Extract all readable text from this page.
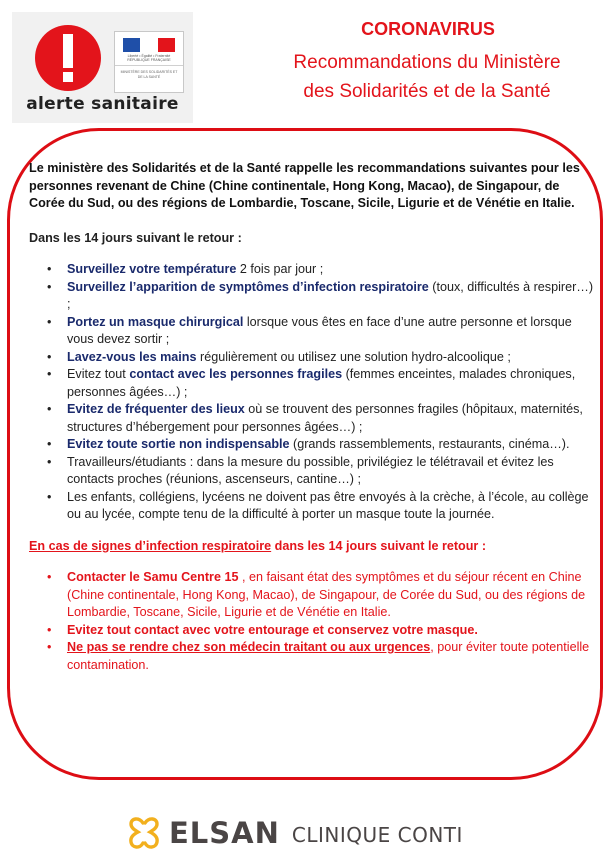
Liberté • Égalité • Fraternité RÉPUBLIQUE FRANÇAISE
MINISTÈRE DES SOLIDARITÉS ET DE LA SANTÉ
alerte sanitaire
CORONAVIRUS
Recommandations du Ministère
des Solidarités et de la Santé

Le ministère des Solidarités et de la Santé rappelle les recommandations suivantes pour les personnes revenant de Chine (Chine continentale, Hong Kong, Macao), de Singapour, de Corée du Sud, ou des régions de Lombardie, Toscane, Sicile, Ligurie et de Vénétie en Italie.

Dans les 14 jours suivant le retour :

• Surveillez votre température 2 fois par jour ;
• Surveillez l’apparition de symptômes d’infection respiratoire (toux, difficultés à respirer…) ;
• Portez un masque chirurgical lorsque vous êtes en face d’une autre personne et lorsque vous devez sortir ;
• Lavez-vous les mains régulièrement ou utilisez une solution hydro-alcoolique ;
• Evitez tout contact avec les personnes fragiles (femmes enceintes, malades chroniques, personnes âgées…) ;
• Evitez de fréquenter des lieux où se trouvent des personnes fragiles (hôpitaux, maternités, structures d’hébergement pour personnes âgées…) ;
• Evitez toute sortie non indispensable (grands rassemblements, restaurants, cinéma…).
• Travailleurs/étudiants : dans la mesure du possible, privilégiez le télétravail et évitez les contacts proches (réunions, ascenseurs, cantine…) ;
• Les enfants, collégiens, lycéens ne doivent pas être envoyés à la crèche, à l’école, au collège ou au lycée, compte tenu de la difficulté à porter un masque toute la journée.

En cas de signes d’infection respiratoire dans les 14 jours suivant le retour :

• Contacter le Samu Centre 15 , en faisant état des symptômes et du séjour récent en Chine (Chine continentale, Hong Kong, Macao), de Singapour, de Corée du Sud, ou des régions de Lombardie, Toscane, Sicile, Ligurie et de Vénétie en Italie.
• Evitez tout contact avec votre entourage et conservez votre masque.
• Ne pas se rendre chez son médecin traitant ou aux urgences, pour éviter toute potentielle contamination.
ELSAN CLINIQUE CONTI
